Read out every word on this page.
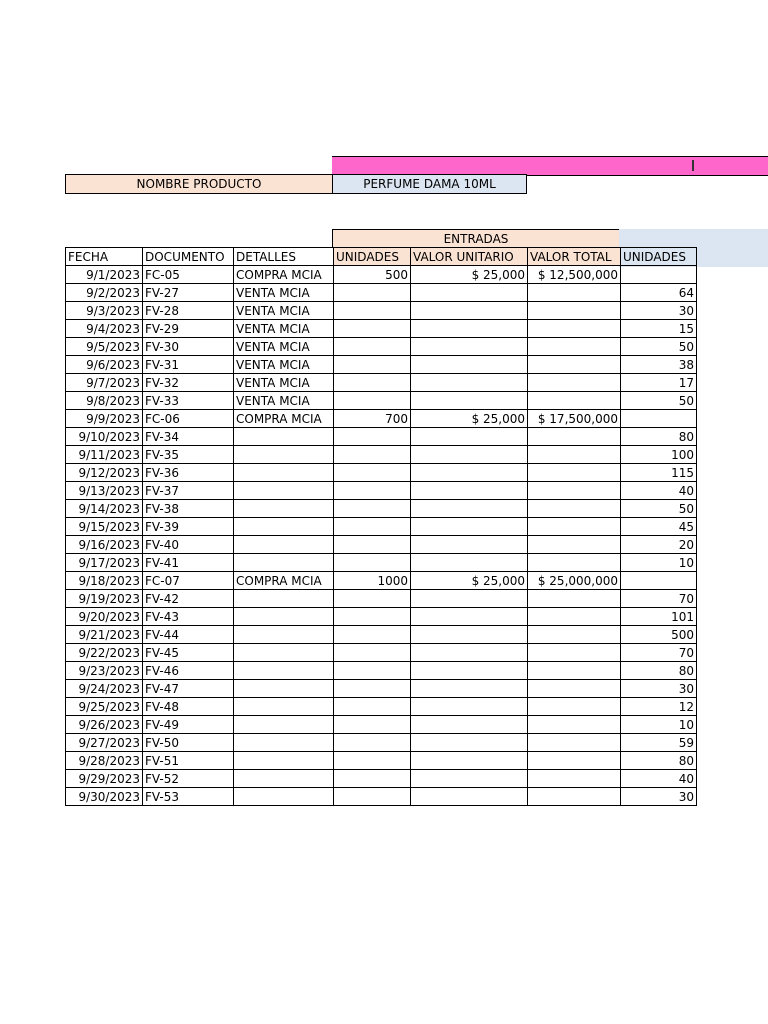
NOMBRE PRODUCTO	PERFUME DAMA 10ML
ENTRADAS
FECHA	DOCUMENTO	DETALLES	UNIDADES	VALOR UNITARIO	VALOR TOTAL	UNIDADES
9/1/2023	FC-05	COMPRA MCIA	500	$ 25,000	$ 12,500,000	
9/2/2023	FV-27	VENTA MCIA				64
9/3/2023	FV-28	VENTA MCIA				30
9/4/2023	FV-29	VENTA MCIA				15
9/5/2023	FV-30	VENTA MCIA				50
9/6/2023	FV-31	VENTA MCIA				38
9/7/2023	FV-32	VENTA MCIA				17
9/8/2023	FV-33	VENTA MCIA				50
9/9/2023	FC-06	COMPRA MCIA	700	$ 25,000	$ 17,500,000	
9/10/2023	FV-34					80
9/11/2023	FV-35					100
9/12/2023	FV-36					115
9/13/2023	FV-37					40
9/14/2023	FV-38					50
9/15/2023	FV-39					45
9/16/2023	FV-40					20
9/17/2023	FV-41					10
9/18/2023	FC-07	COMPRA MCIA	1000	$ 25,000	$ 25,000,000	
9/19/2023	FV-42					70
9/20/2023	FV-43					101
9/21/2023	FV-44					500
9/22/2023	FV-45					70
9/23/2023	FV-46					80
9/24/2023	FV-47					30
9/25/2023	FV-48					12
9/26/2023	FV-49					10
9/27/2023	FV-50					59
9/28/2023	FV-51					80
9/29/2023	FV-52					40
9/30/2023	FV-53					30
